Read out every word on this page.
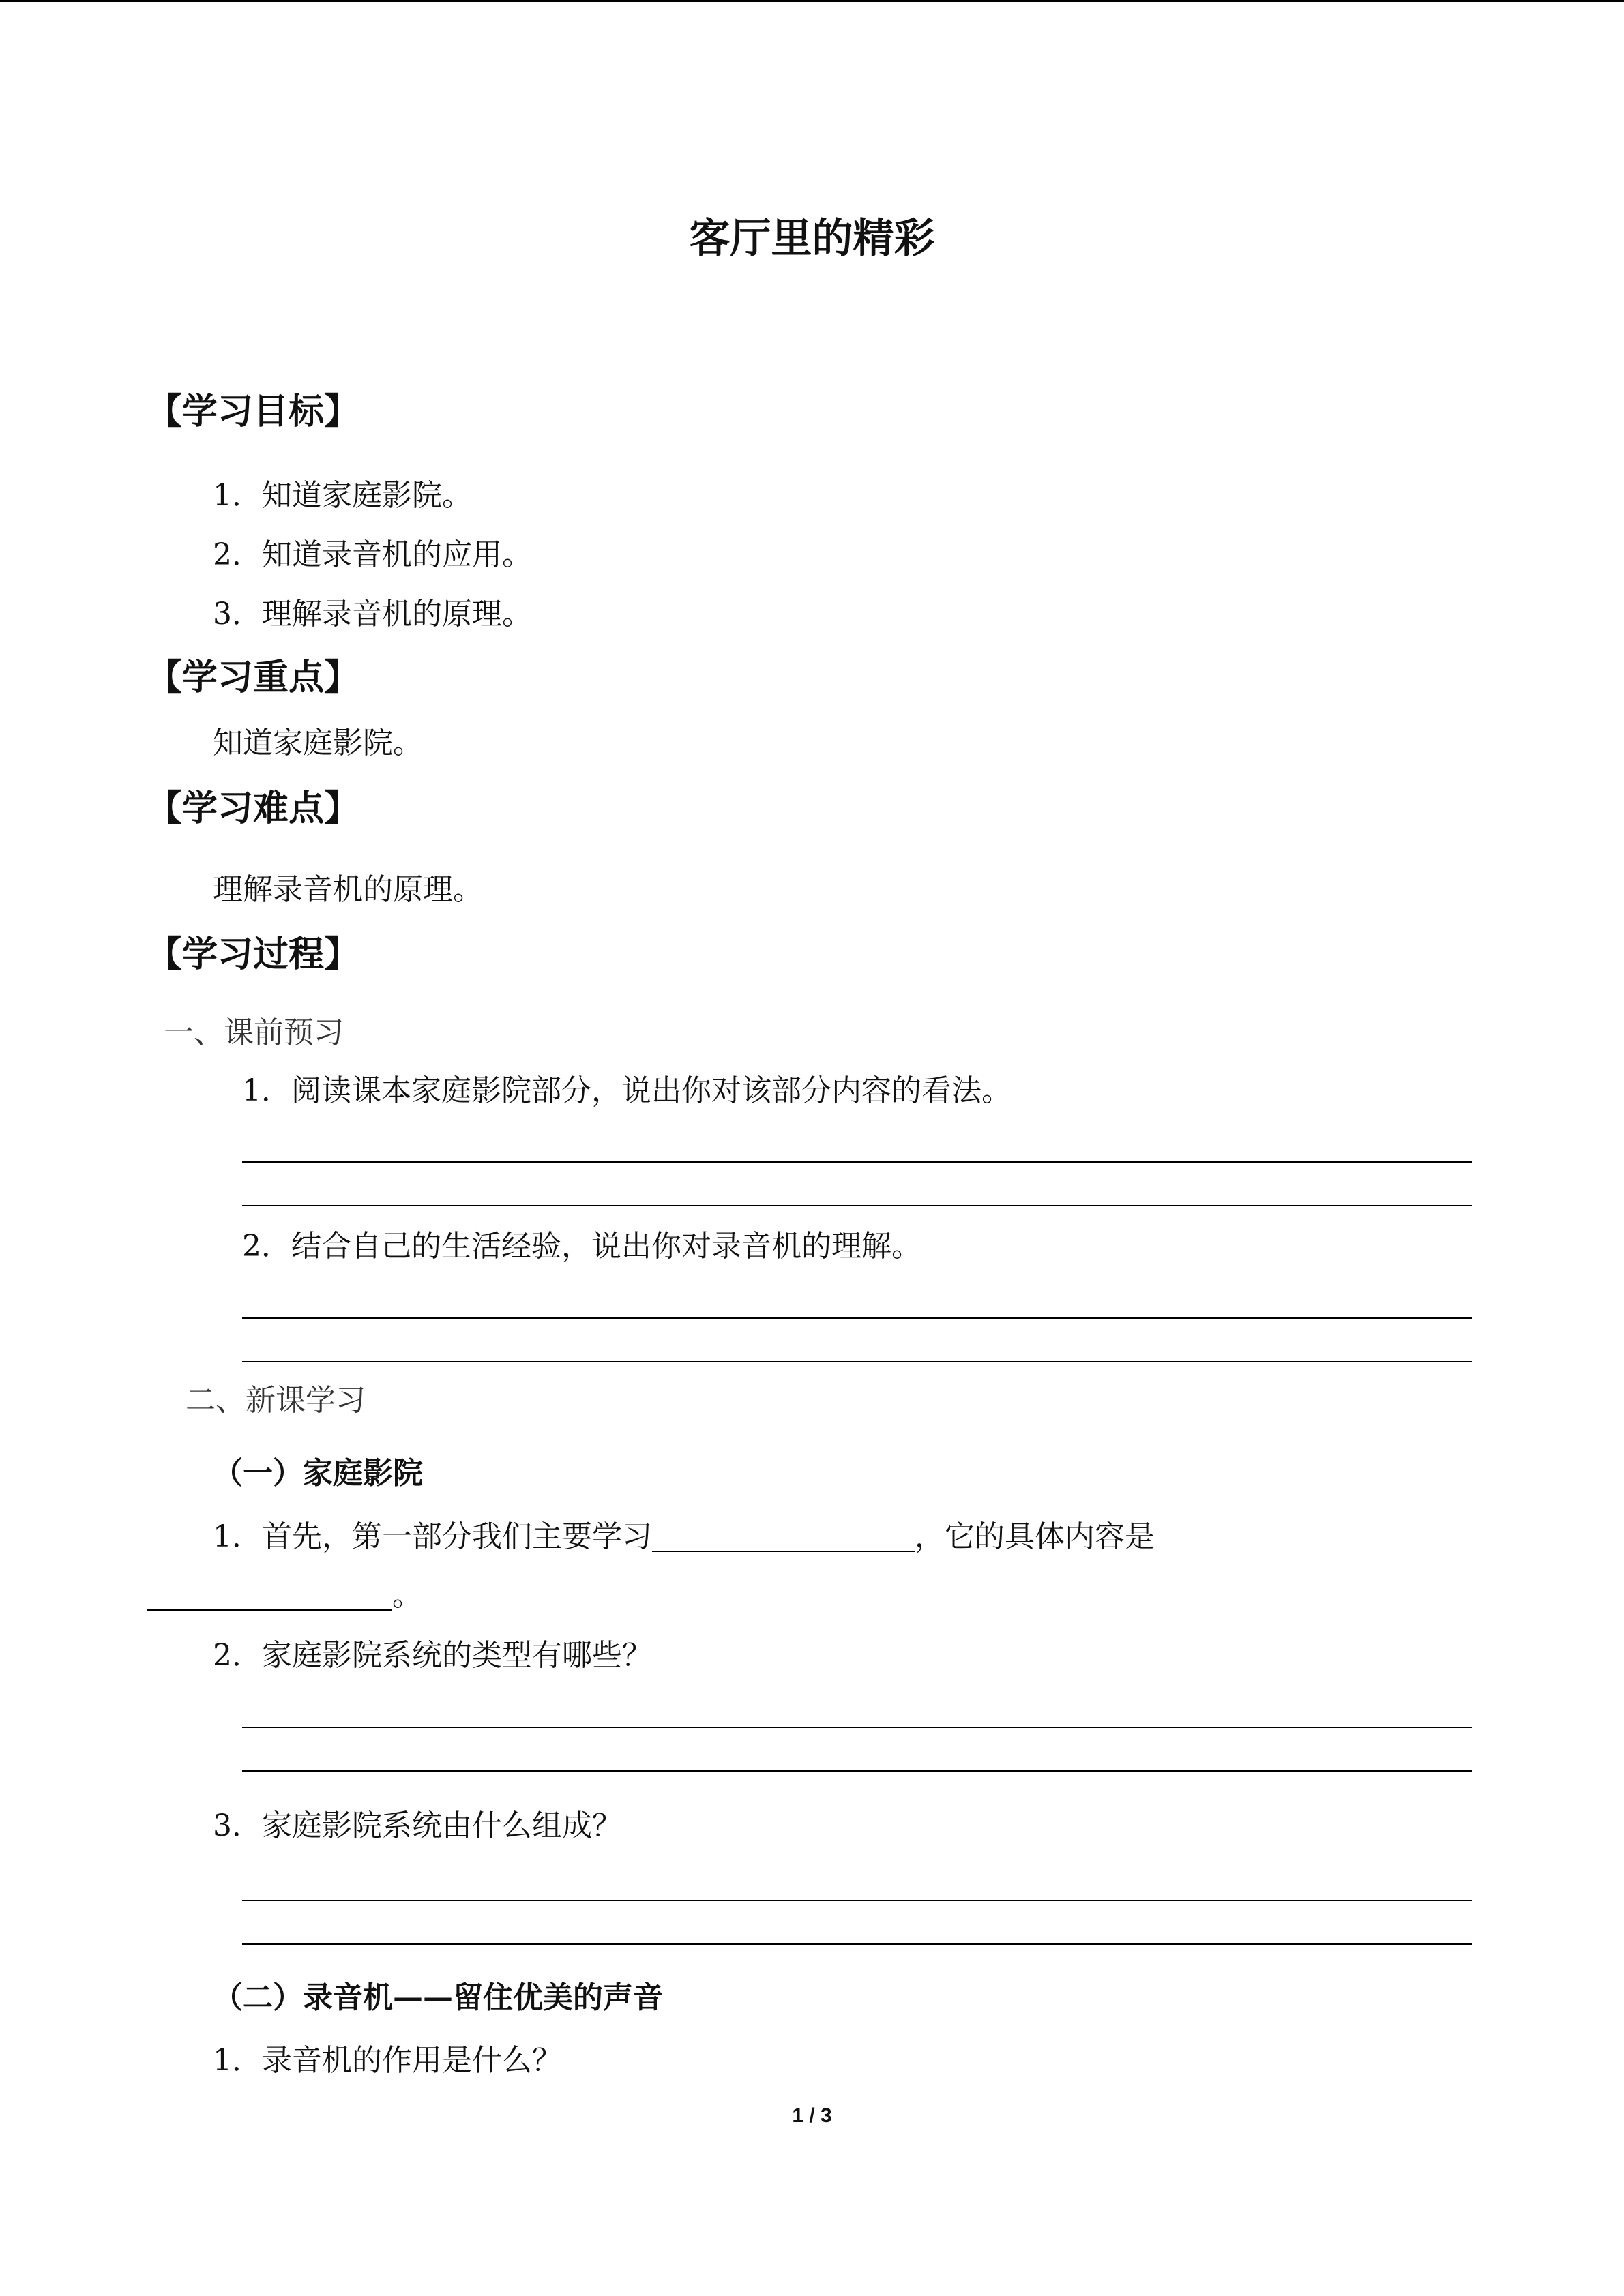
客厅里的精彩
【学习目标】
1．知道家庭影院。
2．知道录音机的应用。
3．理解录音机的原理。
【学习重点】
知道家庭影院。
【学习难点】
理解录音机的原理。
【学习过程】
一、课前预习
1．阅读课本家庭影院部分，说出你对该部分内容的看法。
2．结合自己的生活经验，说出你对录音机的理解。
二、新课学习
（一）家庭影院
1．首先，第一部分我们主要学习	，它的具体内容是
。
2．家庭影院系统的类型有哪些？
3．家庭影院系统由什么组成？
（二）录音机——留住优美的声音
1．录音机的作用是什么？
1 / 3
